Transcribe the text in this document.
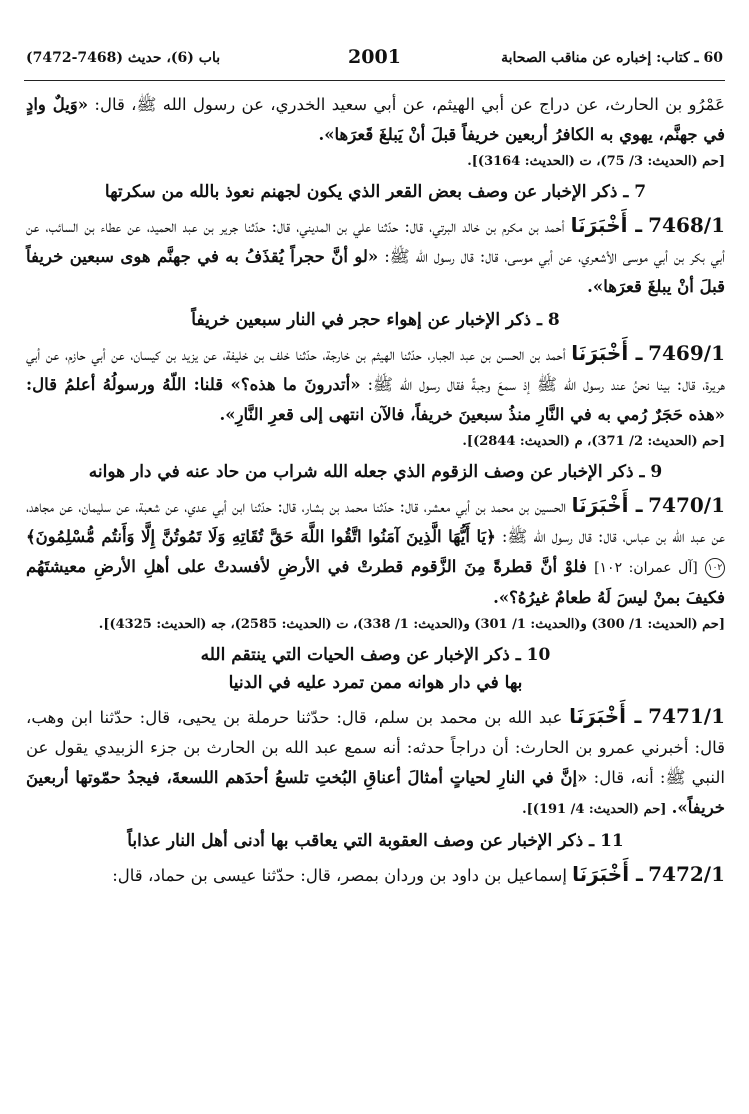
باب (6)، حديث (7468-7472)	2001	60 ـ كتاب: إخباره عن مناقب الصحابة

عَمْرُو بن الحارث، عن دراج عن أبي الهيثم، عن أبي سعيد الخدري، عن رسول الله ﷺ، قال: «وَيلٌ وادٍ في جهنَّم، يهوي به الكافرُ أربعين خريفاً قبلَ أنْ يَبلغَ قَعرَها».

[حم (الحديث: 3/ 75)، ت (الحديث: 3164)].
7 ـ ذكر الإخبار عن وصف بعض القعر الذي يكون لجهنم نعوذ بالله من سكرتها

7468/1 ـ أَخْبَرَنَا أحمد بن مكرم بن خالد البرتي، قال: حدّثنا علي بن المديني، قال: حدّثنا جرير بن عبد الحميد، عن عطاء بن السائب، عن أبي بكر بن أبي موسى الأشعري، عن أبي موسى، قال: قال رسول الله ﷺ: «لو أنَّ حجراً يُقذَفُ به في جهنَّم هوى سبعين خريفاً قبلَ أنْ يبلغَ قعرَها».

8 ـ ذكر الإخبار عن إهواء حجر في النار سبعين خريفاً

7469/1 ـ أَخْبَرَنَا أحمد بن الحسن بن عبد الجبار، حدّثنا الهيثم بن خارجة، حدّثنا خلف بن خليفة، عن يزيد بن كيسان، عن أبي حازم، عن أبي هريرة، قال: بينا نحنُ عند رسول الله ﷺ إذ سمعَ وجبةً فقال رسول الله ﷺ: «أتدرونَ ما هذه؟» قلنا: اللّهُ ورسولُهُ أعلمُ قال: «هذه حَجَرٌ رُمي به في النَّارِ منذُ سبعينَ خريفاً، فالآن انتهى إلى قعرِ النَّارِ».

[حم (الحديث: 2/ 371)، م (الحديث: 2844)].
9 ـ ذكر الإخبار عن وصف الزقوم الذي جعله الله شراب من حاد عنه في دار هوانه

7470/1 ـ أَخْبَرَنَا الحسين بن محمد بن أبي معشر، قال: حدّثنا محمد بن بشار، قال: حدّثنا ابن أبي عدي، عن شعبة، عن سليمان، عن مجاهد، عن عبد الله بن عباس، قال: قال رسول الله ﷺ: ﴿يَا أَيُّهَا الَّذِينَ آمَنُوا اتَّقُوا اللَّهَ حَقَّ تُقَاتِهِ وَلَا تَمُوتُنَّ إِلَّا وَأَنتُم مُّسْلِمُونَ﴾ ١٠٢ [آل عمران: ١٠٢] فلوْ أنَّ قطرةً مِنَ الزَّقوم قطرتْ في الأرضِ لأفسدتْ على أهلِ الأرضِ معيشتَهُم فكيفَ بمنْ ليسَ لَهُ طعامٌ غيرُهُ؟».

[حم (الحديث: 1/ 300) و(الحديث: 1/ 301) و(الحديث: 1/ 338)، ت (الحديث: 2585)، جه (الحديث: 4325)].
10 ـ ذكر الإخبار عن وصف الحيات التي ينتقم الله
بها في دار هوانه ممن تمرد عليه في الدنيا

7471/1 ـ أَخْبَرَنَا عبد الله بن محمد بن سلم، قال: حدّثنا حرملة بن يحيى، قال: حدّثنا ابن وهب، قال: أخبرني عمرو بن الحارث: أن دراجاً حدثه: أنه سمع عبد الله بن الحارث بن جزء الزبيدي يقول عن النبي ﷺ: أنه، قال: «إنَّ في النارِ لحياتٍ أمثالَ أعناقِ البُختِ تلسعُ أحدَهم اللسعةَ، فيجدُ حمّوتها أربعينَ خريفاً». [حم (الحديث: 4/ 191)].

11 ـ ذكر الإخبار عن وصف العقوبة التي يعاقب بها أدنى أهل النار عذاباً

7472/1 ـ أَخْبَرَنَا إسماعيل بن داود بن وردان بمصر، قال: حدّثنا عيسى بن حماد، قال:
